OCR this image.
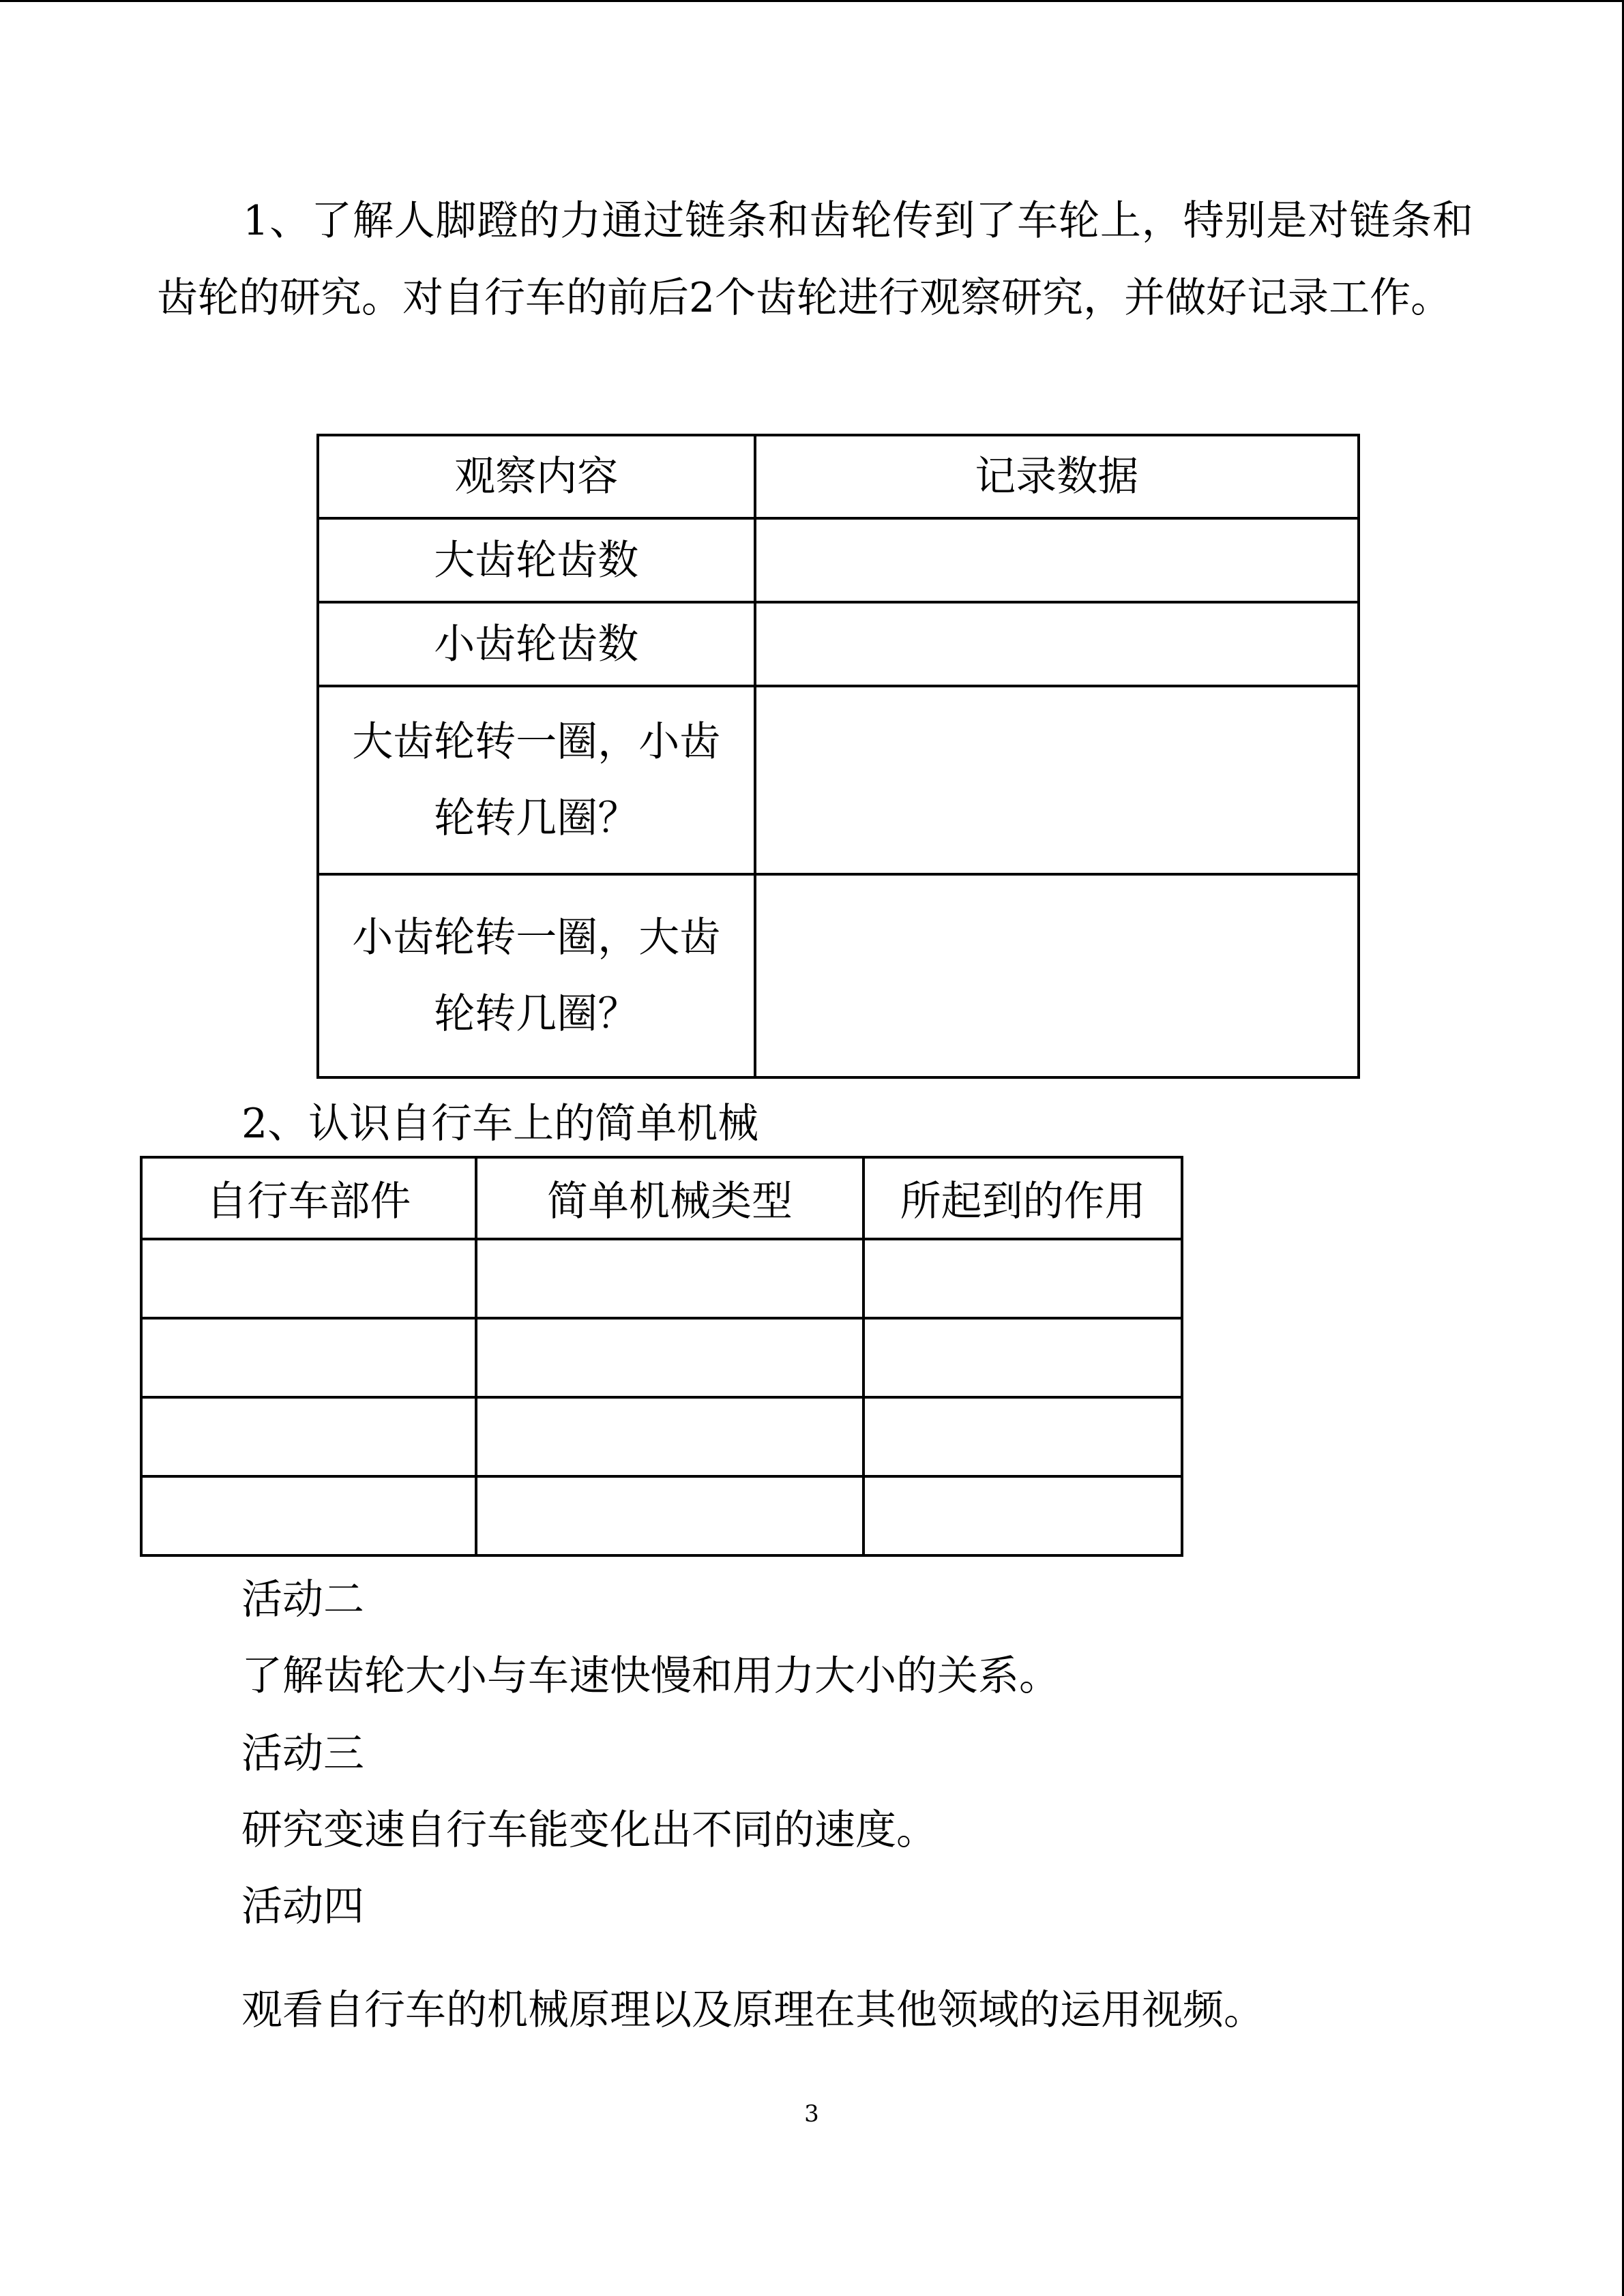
1、了解人脚蹬的力通过链条和齿轮传到了车轮上，特别是对链条和齿轮的研究。对自行车的前后2个齿轮进行观察研究，并做好记录工作。
观察内容	记录数据
大齿轮齿数	
小齿轮齿数	
大齿轮转一圈，小齿轮转几圈？	
小齿轮转一圈，大齿轮转几圈？	
2、认识自行车上的简单机械
自行车部件	简单机械类型	所起到的作用

活动二
了解齿轮大小与车速快慢和用力大小的关系。
活动三
研究变速自行车能变化出不同的速度。
活动四
观看自行车的机械原理以及原理在其他领域的运用视频。
3
